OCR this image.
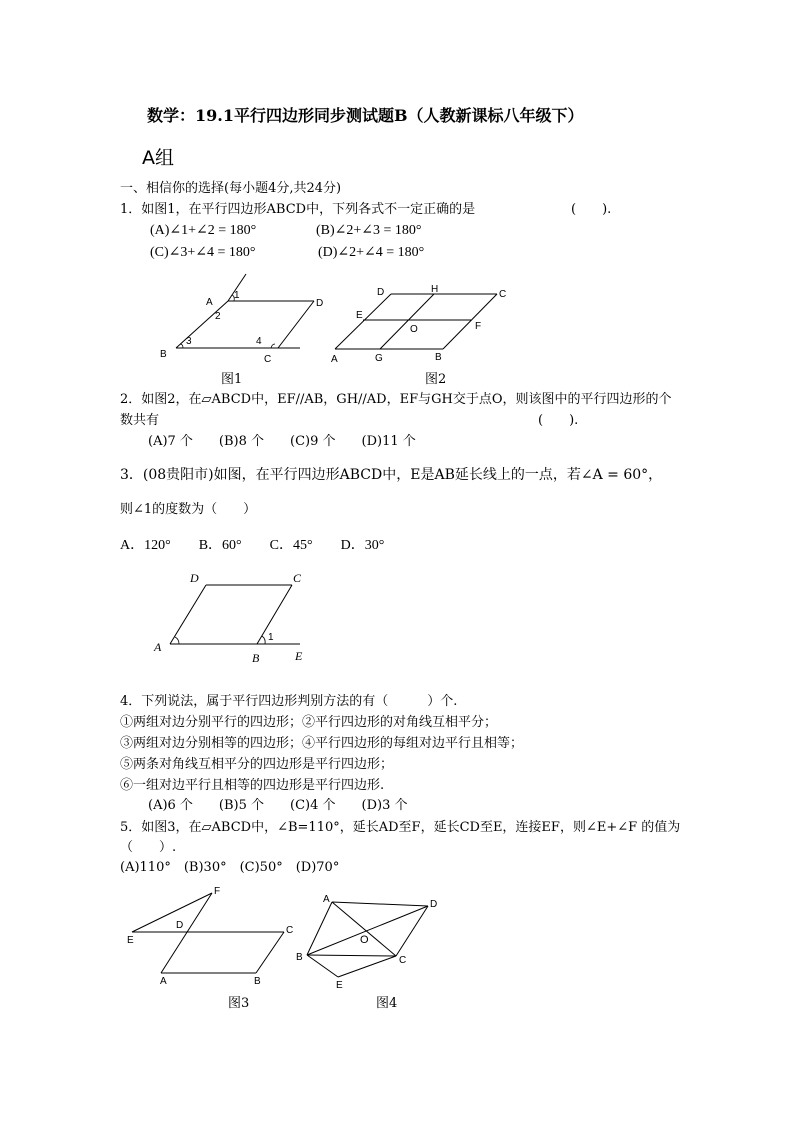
数学：19.1平行四边形同步测试题B（人教新课标八年级下）
A组
一、相信你的选择(每小题4分,共24分)
1．如图1，在平行四边形ABCD中，下列各式不一定正确的是	(　　).
(A)∠1+∠2 = 180°	(B)∠2+∠3 = 180°
(C)∠3+∠4 = 180°	(D)∠2+∠4 = 180°
A
B	C
D
1
2
3	4
图1
A	B
C
D
E
F
G
H
O
图2
2．如图2，在▱ABCD中，EF//AB，GH//AD，EF与GH交于点O，则该图中的平行四边形的个
数共有	(　　).
(A)7 个　　(B)8 个　　(C)9 个　　(D)11 个
3．(08贵阳市)如图，在平行四边形ABCD中，E是AB延长线上的一点，若∠A = 60°，
则∠1的度数为（　　）
A．120°　　B．60°　　C．45°　　D．30°
A
B
C
D
E
1
4．下列说法，属于平行四边形判别方法的有（　　　）个.
①两组对边分别平行的四边形；②平行四边形的对角线互相平分；
③两组对边分别相等的四边形；④平行四边形的每组对边平行且相等；
⑤两条对角线互相平分的四边形是平行四边形；
⑥一组对边平行且相等的四边形是平行四边形.
(A)6 个　　(B)5 个　　(C)4 个　　(D)3 个
5．如图3，在▱ABCD中，∠B=110°，延长AD至F，延长CD至E，连接EF，则∠E+∠F 的值为
（　　）.
(A)110°　(B)30°　(C)50°　(D)70°
A	B
C
D
E
F
图3
A
B	C
D
E
O
图4
